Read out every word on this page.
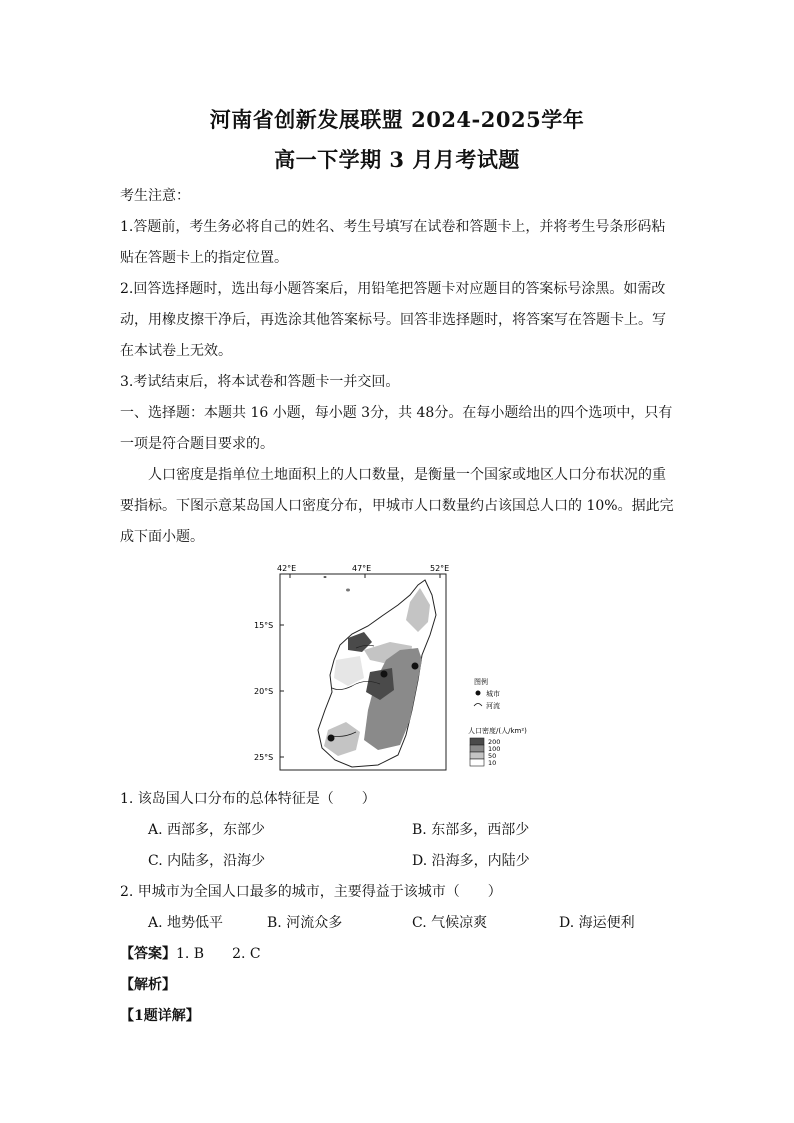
河南省创新发展联盟 2024-2025学年
高一下学期 3 月月考试题
考生注意：
1.答题前，考生务必将自己的姓名、考生号填写在试卷和答题卡上，并将考生号条形码粘
贴在答题卡上的指定位置。
2.回答选择题时，选出每小题答案后，用铅笔把答题卡对应题目的答案标号涂黑。如需改
动，用橡皮擦干净后，再选涂其他答案标号。回答非选择题时，将答案写在答题卡上。写
在本试卷上无效。
3.考试结束后，将本试卷和答题卡一并交回。
一、选择题：本题共 16 小题，每小题 3分，共 48分。在每小题给出的四个选项中，只有
一项是符合题目要求的。
人口密度是指单位土地面积上的人口数量，是衡量一个国家或地区人口分布状况的重
要指标。下图示意某岛国人口密度分布，甲城市人口数量约占该国总人口的 10%。据此完
成下面小题。
42°E	47°E	52°E
15°S
20°S
25°S
图例
城市
河流
人口密度/(人/km²)
200
100
50
10
1. 该岛国人口分布的总体特征是（　　）
A. 西部多，东部少	B. 东部多，西部少
C. 内陆多，沿海少	D. 沿海多，内陆少
2. 甲城市为全国人口最多的城市，主要得益于该城市（　　）
A. 地势低平	B. 河流众多	C. 气候凉爽	D. 海运便利
【答案】1. B　　2. C
【解析】
【1题详解】
